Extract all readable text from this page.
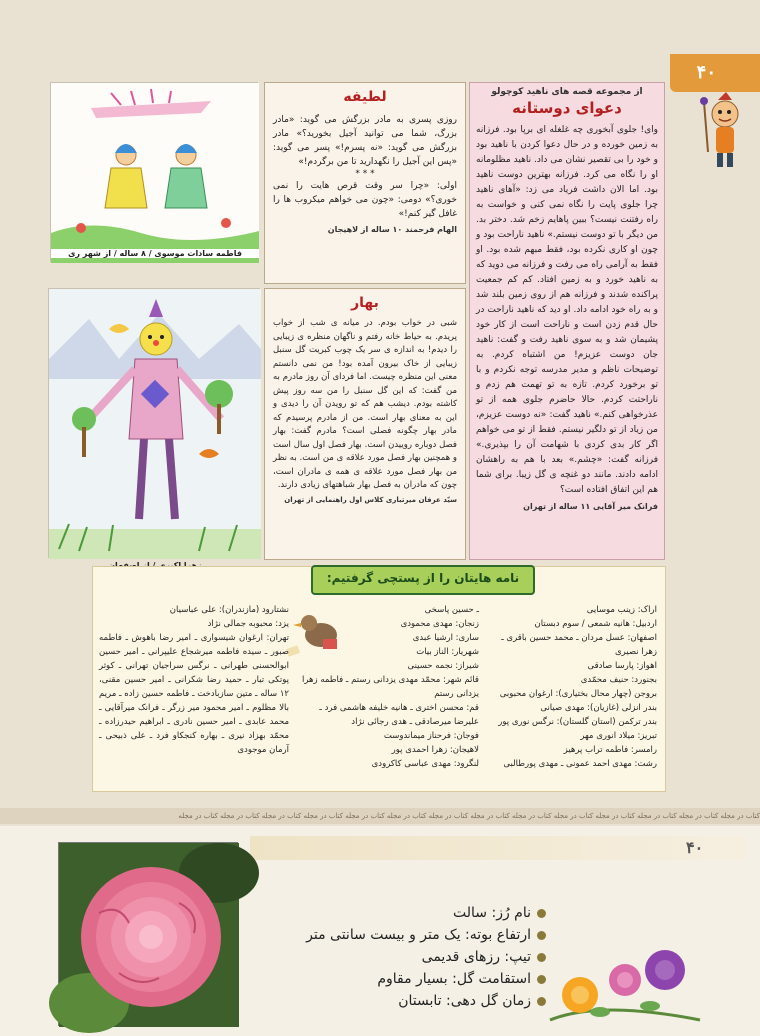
۴۰
از مجموعه قصه های ناهید کوچولو
دعوای دوستانه
وای! جلوی آبخوری چه غلغله ای برپا بود. فرزانه به زمین خورده و در حال دعوا کردن با ناهید بود و خود را بی تقصیر نشان می داد. ناهید مظلومانه او را نگاه می کرد. فرزانه بهترین دوست ناهید بود. اما الان داشت فریاد می زد: «آهای ناهید چرا جلوی پایت را نگاه نمی کنی و خواست به راه رفتنت نیست؟ ببین پاهایم زخم شد. دختر بد. من دیگر با تو دوست نیستم.» ناهید ناراحت بود و چون او کاری نکرده بود، فقط مبهم شده بود. او فقط به آرامی راه می رفت و فرزانه می دوید که به ناهید خورد و به زمین افتاد. کم کم جمعیت پراکنده شدند و فرزانه هم از روی زمین بلند شد و به راه خود ادامه داد. او دید که ناهید ناراحت در حال قدم زدن است و ناراحت است از کار خود پشیمان شد و به سوی ناهید رفت و گفت: ناهید جان دوست عزیزم! من اشتباه کردم. به توضیحات ناظم و مدیر مدرسه توجه نکردم و با تو برخورد کردم. تازه به تو تهمت هم زدم و ناراحتت کردم. حالا حاضرم جلوی همه از تو عذرخواهی کنم.» ناهید گفت: «نه دوست عزیزم، من زیاد از تو دلگیر نیستم. فقط از تو می خواهم اگر کار بدی کردی با شهامت آن را بپذیری.» فرزانه گفت: «چشم.» بعد با هم به راهشان ادامه دادند. مانند دو غنچه ی گل زیبا. برای شما هم این اتفاق افتاده است؟
فرانک میر آقایی ۱۱ ساله از تهران
لطیفه
روزی پسری به مادر بزرگش می گوید: «مادر بزرگ، شما می توانید آجیل بخورید؟» مادر بزرگش می گوید: «نه پسرم!» پسر می گوید: «پس این آجیل را نگهدارید تا من برگردم!»
* * *
اولی: «چرا سر وقت قرص هایت را نمی خوری؟» دومی: «چون می خواهم میکروب ها را غافل گیر کنم!»
الهام فرحمند ۱۰ ساله از لاهیجان
بهار
شبی در خواب بودم. در میانه ی شب از خواب پریدم. به حیاط خانه رفتم و ناگهان منظره ی زیبایی را دیدم! به اندازه ی سر یک چوب کبریت گل سنبل زیبایی از خاک بیرون آمده بود! من نمی دانستم معنی این منظره چیست. اما فردای آن روز مادرم به من گفت: که این گل سنبل را من سه روز پیش کاشته بودم. دیشب هم که تو رویدن آن را دیدی و این به معنای بهار است. من از مادرم پرسیدم که مادر بهار چگونه فصلی است؟ مادرم گفت: بهار فصل دوباره روییدن است. بهار فصل اول سال است و همچنین بهار فصل مورد علاقه ی من است. به نظر من بهار فصل مورد علاقه ی همه ی مادران است، چون که مادران به فصل بهار شباهتهای زیادی دارند.
سیّد عرفان میرتباری کلاس اول راهنمایی از تهران
فاطمه سادات موسوی / ۸ ساله / از شهر ری
نامه هایتان را از پستچی گرفتیم:
اراک: زینب موسایی
اردبیل: هانیه شمعی / سوم دبستان
اصفهان: عسل مردان ـ محمد حسین باقری ـ زهرا نصیری
اهواز: پارسا صادقی
بجنورد: حنیف محمّدی
بروجن (چهار محال بختیاری): ارغوان محبوبی
بندر انزلی (غازیان): مهدی صیانی
بندر ترکمن (استان گلستان): نرگس نوری پور
تبریز: میلاد انوری مهر
رامسر: فاطمه تراب پرهیز
رشت: مهدی احمد عمونی ـ مهدی پورطالبی
ـ حسین پاسخی
زنجان: مهدی محمودی
ساری: ارشیا عبدی
شهریار: الناز بیات
شیراز: نجمه حسینی
قائم شهر: محمّد مهدی یزدانی رستم ـ فاطمه زهرا یزدانی رستم
قم: محسن اختری ـ هانیه خلیفه هاشمی فرد ـ علیرضا میرصادقی ـ هدی رجائی نژاد
فوجان: فرحناز میماندوست
لاهیجان: زهرا احمدی پور
لنگرود: مهدی عباسی کاکرودی
نشتارود (مازندران): علی عباسیان
یزد: محبوبه جمالی نژاد
تهران: ارغوان شیسواری ـ امیر رضا باهوش ـ فاطمه صبور ـ سیده فاطمه میرشجاع علیپرانی ـ امیر حسین ابوالحسنی طهرانی ـ نرگس سراجیان تهرانی ـ کوثر پوتکی تبار ـ حمید رضا شکرانی ـ امیر حسین مقنی، ۱۲ ساله ـ متین سازبادخت ـ فاطمه حسین زاده ـ مریم بالا مظلوم ـ امیر محمود میر زرگر ـ فرانک میرآقایی ـ محمد عابدی ـ امیر حسین نادری ـ ابراهیم حیدرزاده ـ محمّد بهزاد نیری ـ بهاره کنجکاو فرد ـ علی ذبیحی ـ آرمان موجودی
کتاب در مجله کتاب در مجله کتاب در مجله کتاب در مجله کتاب در مجله کتاب در مجله کتاب در مجله کتاب در مجله کتاب در مجله کتاب در مجله کتاب در مجله کتاب در مجله کتاب در مجله کتاب در مجله
۴۰
نام رُز: سالت
ارتفاع بوته: یک متر و بیست سانتی متر
تیپ: رزهای قدیمی
استقامت گل: بسیار مقاوم
زمان گل دهی: تابستان
